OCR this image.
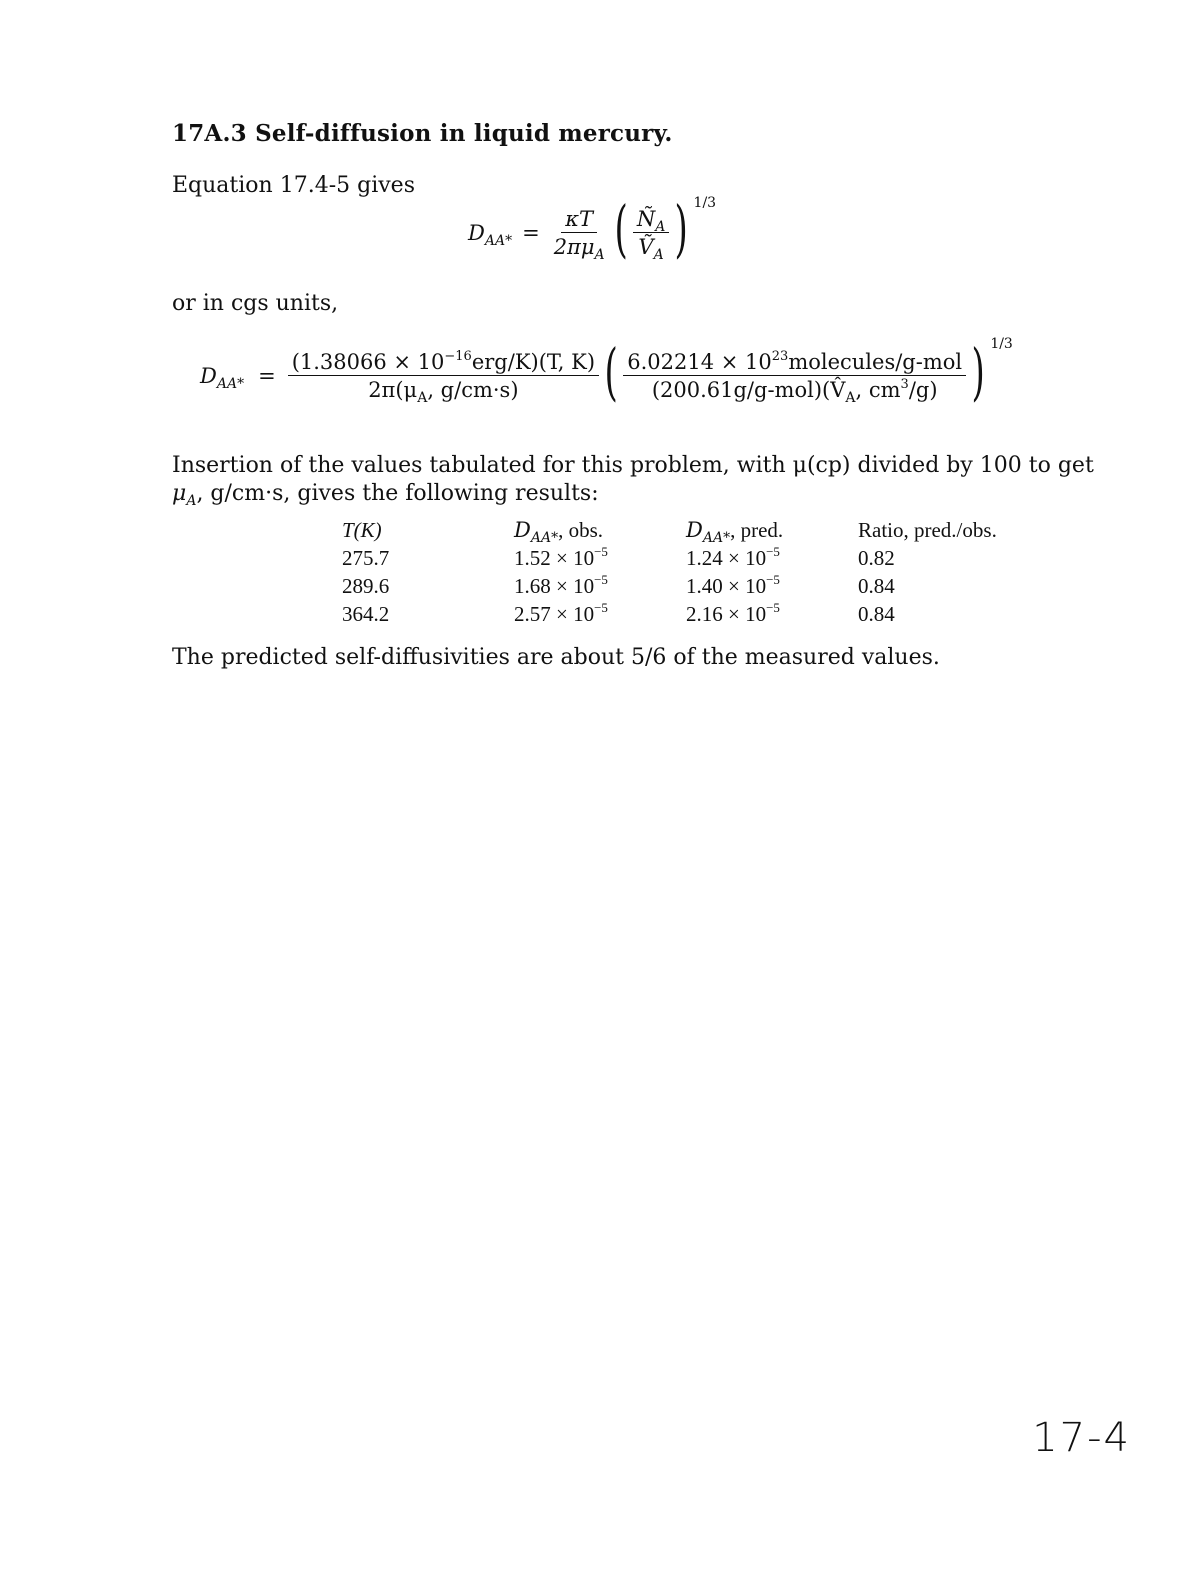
17A.3 Self-diffusion in liquid mercury.
Equation 17.4-5 gives
$D_{AA*} = \frac{\kappa T}{2\pi\mu_A}$ ( $\frac{Ñ_A}{Ṽ_A}$ ) 1/3
or in cgs units,
$D_{AA*} = \frac{(1.38066 \times 10^{-16}erg/K)(T, K)}{2\pi(\mu_A, g/cm\cdot s)}$ ( $\frac{6.02214 \times 10^{23}molecules/g-mol}{(200.61g/g-mol)(V̂_A, cm^3/g)}$ ) 1/3
Insertion of the values tabulated for this problem, with μ(cp) divided by 100 to get
$\mu_A$, g/cm·s, gives the following results:
T(K)	$D_{AA*}$, obs.	$D_{AA*}$, pred.	Ratio, pred./obs.
275.7	$1.52 \times 10^{-5}$	$1.24 \times 10^{-5}$	0.82
289.6	$1.68 \times 10^{-5}$	$1.40 \times 10^{-5}$	0.84
364.2	$2.57 \times 10^{-5}$	$2.16 \times 10^{-5}$	0.84
The predicted self-diffusivities are about 5/6 of the measured values.
17-4
